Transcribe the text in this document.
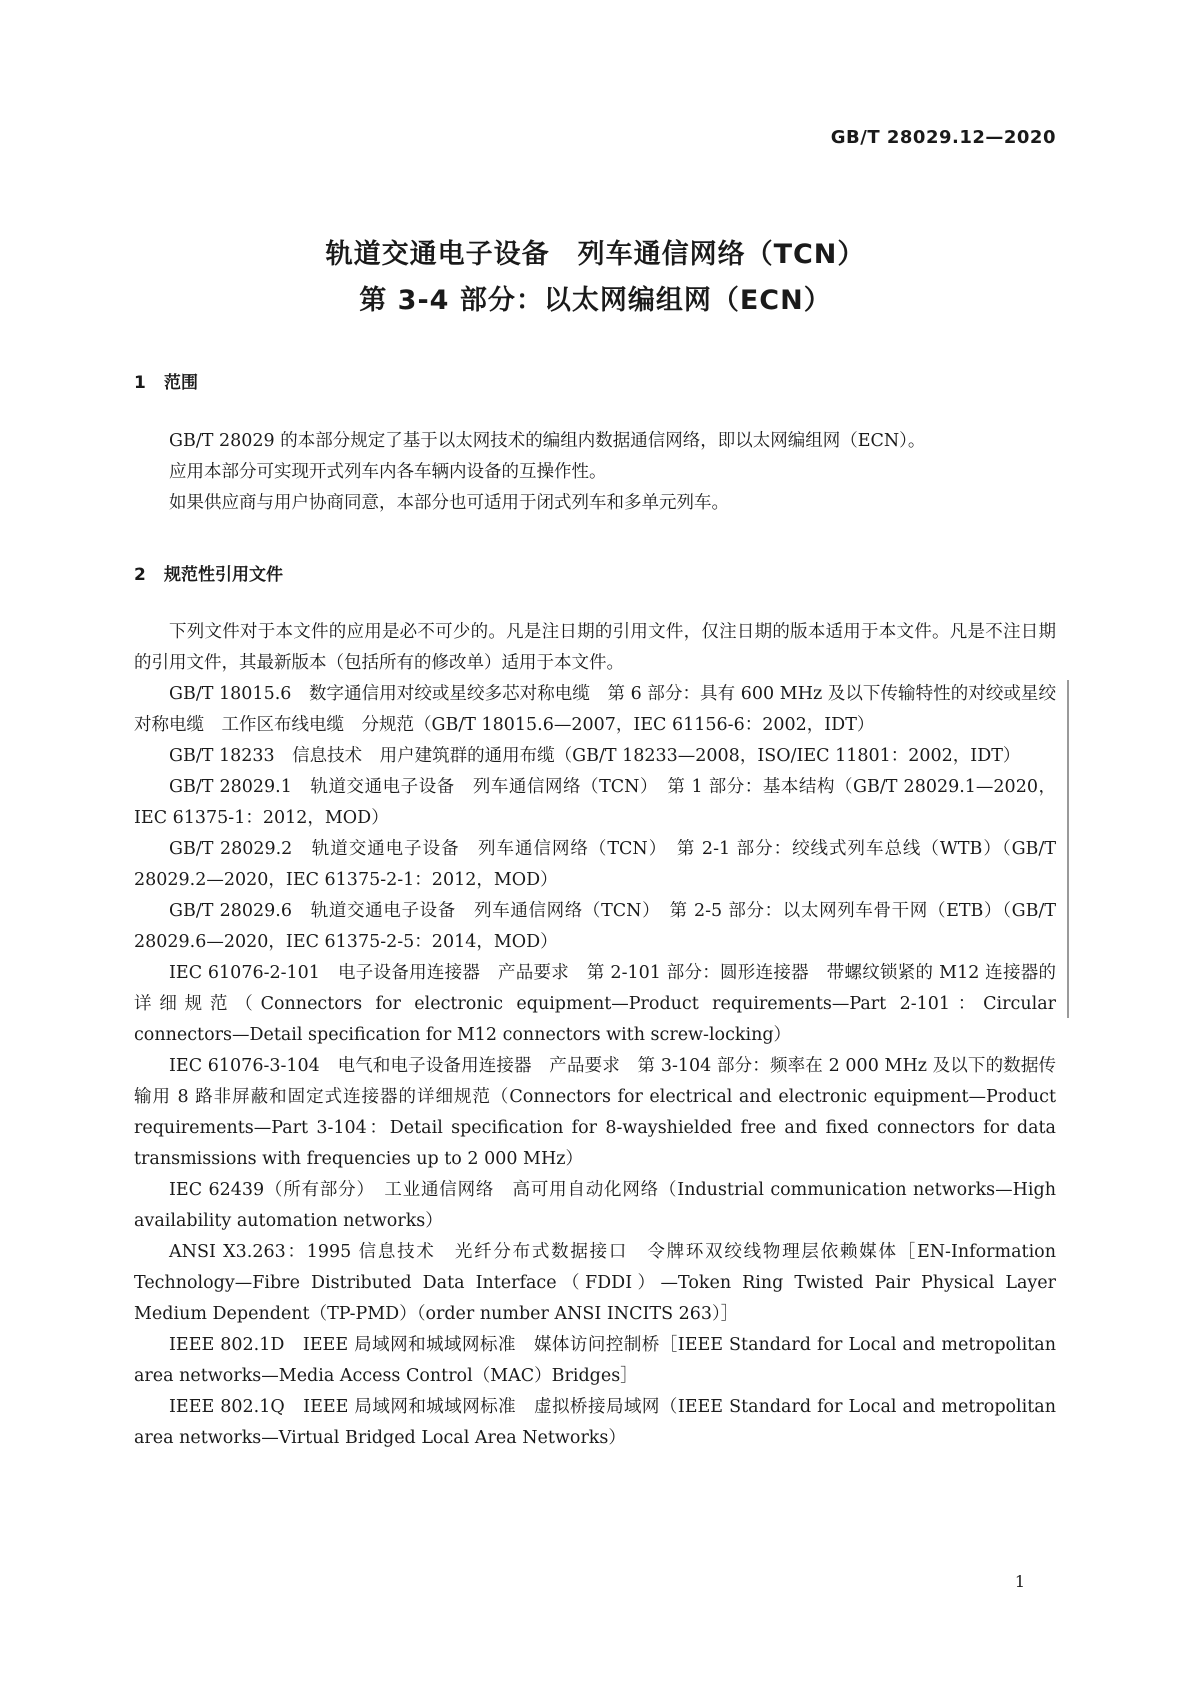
GB/T 28029.12—2020
轨道交通电子设备　列车通信网络（TCN）
第 3-4 部分：以太网编组网（ECN）
1 范围

GB/T 28029 的本部分规定了基于以太网技术的编组内数据通信网络，即以太网编组网（ECN）。

应用本部分可实现开式列车内各车辆内设备的互操作性。

如果供应商与用户协商同意，本部分也可适用于闭式列车和多单元列车。

2 规范性引用文件

下列文件对于本文件的应用是必不可少的。凡是注日期的引用文件，仅注日期的版本适用于本文件。凡是不注日期的引用文件，其最新版本（包括所有的修改单）适用于本文件。

GB/T 18015.6　数字通信用对绞或星绞多芯对称电缆　第 6 部分：具有 600 MHz 及以下传输特性的对绞或星绞对称电缆　工作区布线电缆　分规范（GB/T 18015.6—2007，IEC 61156-6：2002，IDT）

GB/T 18233　信息技术　用户建筑群的通用布缆（GB/T 18233—2008，ISO/IEC 11801：2002，IDT）

GB/T 28029.1　轨道交通电子设备　列车通信网络（TCN）　第 1 部分：基本结构（GB/T 28029.1—2020，IEC 61375-1：2012，MOD）

GB/T 28029.2　轨道交通电子设备　列车通信网络（TCN）　第 2-1 部分：绞线式列车总线（WTB）（GB/T 28029.2—2020，IEC 61375-2-1：2012，MOD）

GB/T 28029.6　轨道交通电子设备　列车通信网络（TCN）　第 2-5 部分：以太网列车骨干网（ETB）（GB/T 28029.6—2020，IEC 61375-2-5：2014，MOD）

IEC 61076-2-101　电子设备用连接器　产品要求　第 2-101 部分：圆形连接器　带螺纹锁紧的 M12 连接器的详细规范（Connectors for electronic equipment—Product requirements—Part 2-101：Circular connectors—Detail specification for M12 connectors with screw-locking）

IEC 61076-3-104　电气和电子设备用连接器　产品要求　第 3-104 部分：频率在 2 000 MHz 及以下的数据传输用 8 路非屏蔽和固定式连接器的详细规范（Connectors for electrical and electronic equipment—Product requirements—Part 3-104：Detail specification for 8-wayshielded free and fixed connectors for data transmissions with frequencies up to 2 000 MHz）

IEC 62439（所有部分）　工业通信网络　高可用自动化网络（Industrial communication networks—High availability automation networks）

ANSI X3.263：1995 信息技术　光纤分布式数据接口　令牌环双绞线物理层依赖媒体［EN-Information Technology—Fibre Distributed Data Interface（FDDI）—Token Ring Twisted Pair Physical Layer Medium Dependent（TP-PMD）（order number ANSI INCITS 263）］

IEEE 802.1D　IEEE 局域网和城域网标准　媒体访问控制桥［IEEE Standard for Local and metropolitan area networks—Media Access Control（MAC）Bridges］

IEEE 802.1Q　IEEE 局域网和城域网标准　虚拟桥接局域网（IEEE Standard for Local and metropolitan area networks—Virtual Bridged Local Area Networks）

1
